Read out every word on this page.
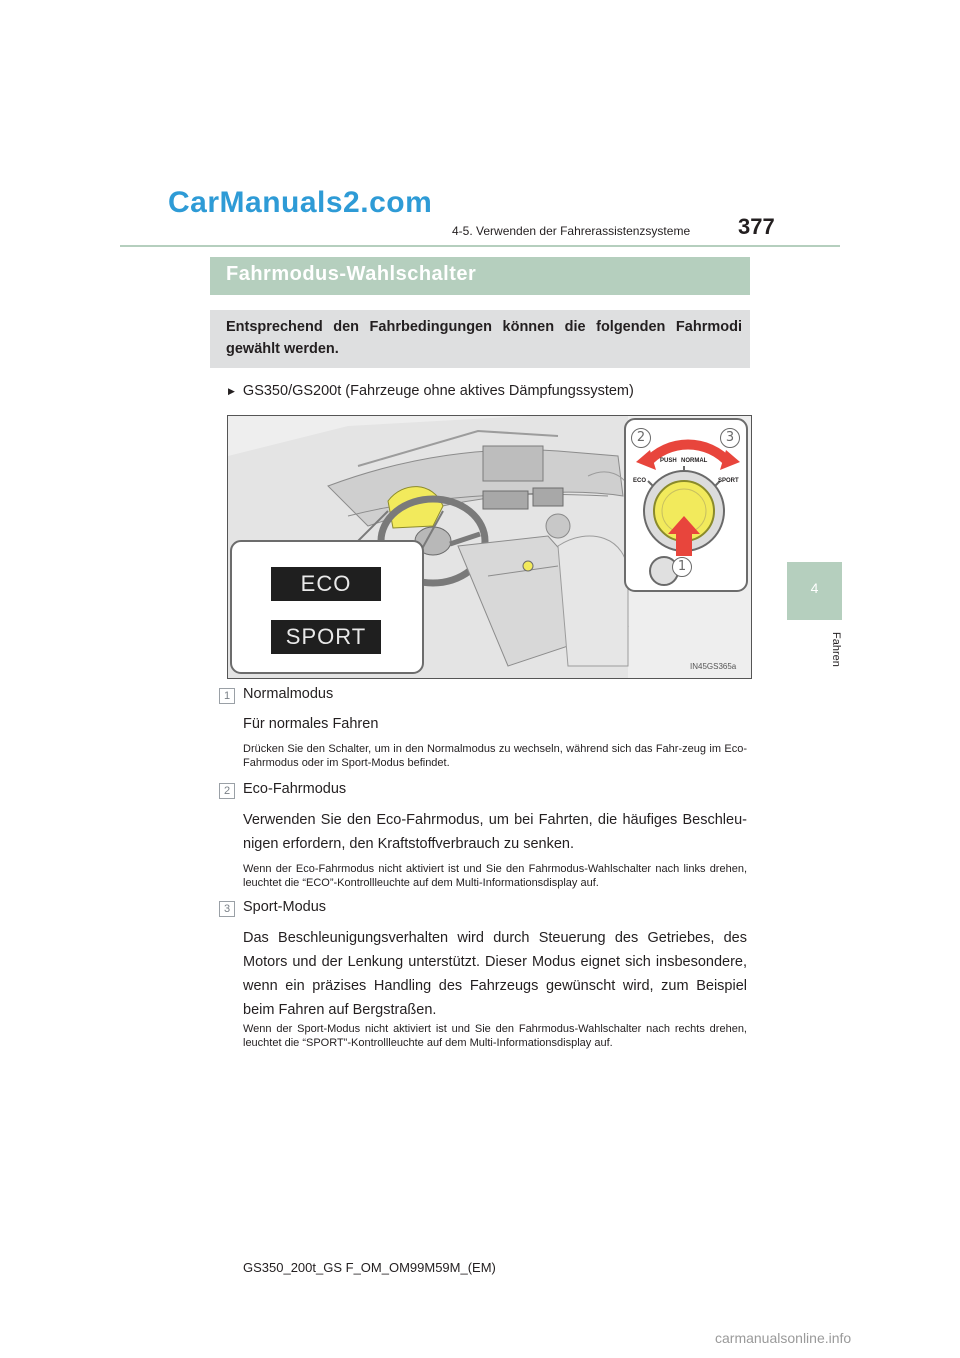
CarManuals2.com
377
4-5. Verwenden der Fahrerassistenzsysteme
4
Fahren
Fahrmodus-Wahlschalter
Entsprechend den Fahrbedingungen können die folgenden Fahrmodi gewählt werden.
▶ GS350/GS200t (Fahrzeuge ohne aktives Dämpfungssystem)
ECO
SPORT
PUSH NORMAL
ECO	SPORT
2	3
1
IN45GS365a
1 Normalmodus
Für normales Fahren
Drücken Sie den Schalter, um in den Normalmodus zu wechseln, während sich das Fahr-zeug im Eco-Fahrmodus oder im Sport-Modus befindet.
2 Eco-Fahrmodus
Verwenden Sie den Eco-Fahrmodus, um bei Fahrten, die häufiges Beschleu-nigen erfordern, den Kraftstoffverbrauch zu senken.
Wenn der Eco-Fahrmodus nicht aktiviert ist und Sie den Fahrmodus-Wahlschalter nach links drehen, leuchtet die “ECO”-Kontrollleuchte auf dem Multi-Informationsdisplay auf.
3 Sport-Modus
Das Beschleunigungsverhalten wird durch Steuerung des Getriebes, des Motors und der Lenkung unterstützt. Dieser Modus eignet sich insbesondere, wenn ein präzises Handling des Fahrzeugs gewünscht wird, zum Beispiel beim Fahren auf Bergstraßen.
Wenn der Sport-Modus nicht aktiviert ist und Sie den Fahrmodus-Wahlschalter nach rechts drehen, leuchtet die “SPORT”-Kontrollleuchte auf dem Multi-Informationsdisplay auf.
GS350_200t_GS F_OM_OM99M59M_(EM)
carmanualsonline.info
